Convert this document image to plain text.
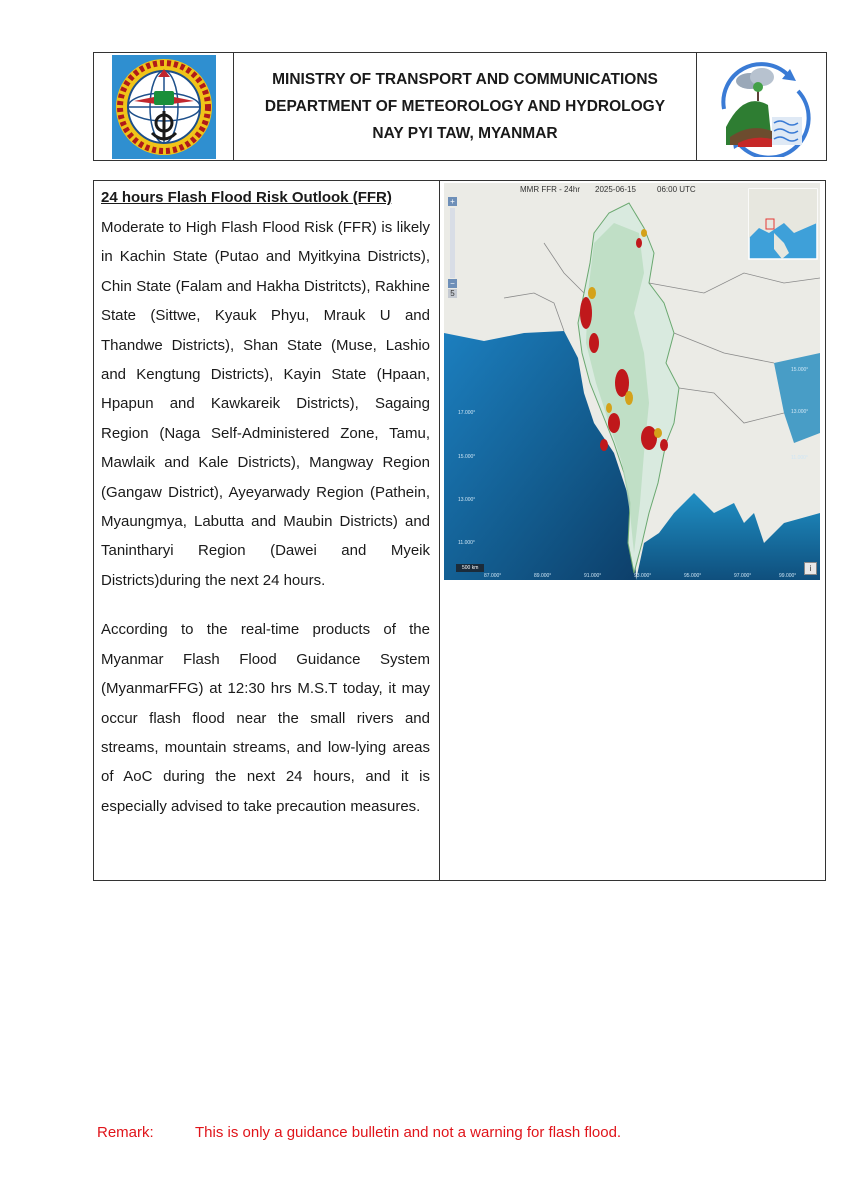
MINISTRY OF TRANSPORT AND COMMUNICATIONS
DEPARTMENT OF METEOROLOGY AND HYDROLOGY
NAY PYI TAW, MYANMAR
24 hours Flash Flood Risk Outlook (FFR)

Moderate to High Flash Flood Risk (FFR) is likely in Kachin State (Putao and Myitkyina Districts), Chin State (Falam and Hakha Distritcts), Rakhine State (Sittwe, Kyauk Phyu, Mrauk U and Thandwe Districts), Shan State (Muse, Lashio and Kengtung Districts), Kayin State (Hpaan, Hpapun and Kawkareik Districts), Sagaing Region (Naga Self-Administered Zone, Tamu, Mawlaik and Kale Districts), Mangway Region (Gangaw District), Ayeyarwady Region (Pathein, Myaungmya, Labutta and Maubin Districts) and Tanintharyi Region (Dawei and Myeik Districts)during the next 24 hours.

According to the real-time products of the Myanmar Flash Flood Guidance System (MyanmarFFG) at 12:30 hrs M.S.T today, it may occur flash flood near the small rivers and streams, mountain streams, and low-lying areas of AoC during the next 24 hours, and it is especially advised to take precaution measures.

17.000°
15.000°
13.000°
11.000°
15.000°
13.000°
11.000°
87.000°	89.000°	91.000°	93.000°	95.000°	97.000°	99.000°
MMR FFR - 24hr 2025-06-15	06:00 UTC
+
−
5
500 km	i
Remark:	This is only a guidance bulletin and not a warning for flash flood.
